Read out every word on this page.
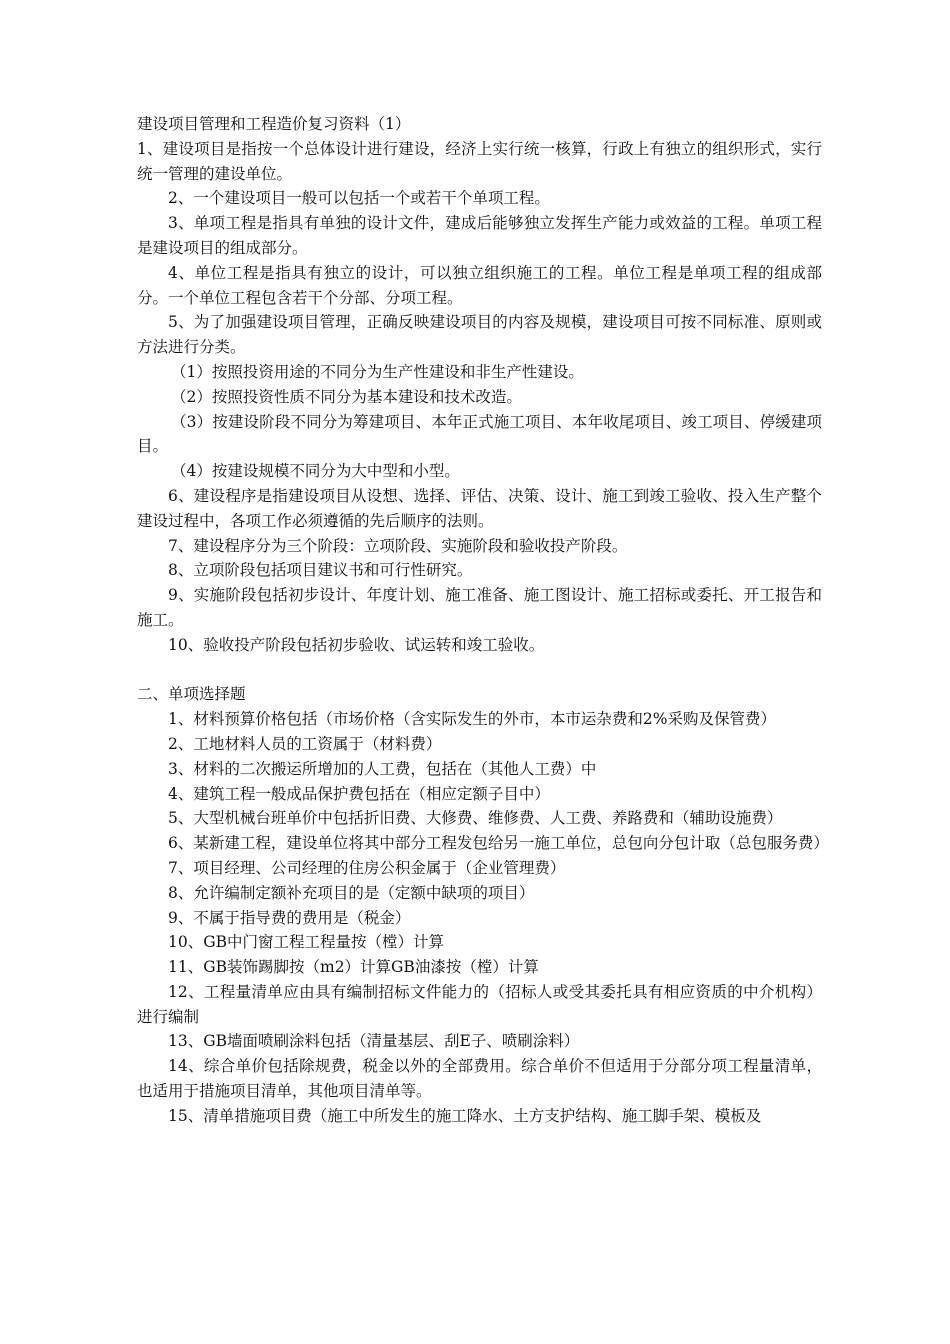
建设项目管理和工程造价复习资料（1）

1、建设项目是指按一个总体设计进行建设，经济上实行统一核算，行政上有独立的组织形式，实行统一管理的建设单位。

2、一个建设项目一般可以包括一个或若干个单项工程。

3、单项工程是指具有单独的设计文件，建成后能够独立发挥生产能力或效益的工程。单项工程是建设项目的组成部分。

4、单位工程是指具有独立的设计，可以独立组织施工的工程。单位工程是单项工程的组成部分。一个单位工程包含若干个分部、分项工程。

5、为了加强建设项目管理，正确反映建设项目的内容及规模，建设项目可按不同标准、原则或方法进行分类。

（1）按照投资用途的不同分为生产性建设和非生产性建设。

（2）按照投资性质不同分为基本建设和技术改造。

（3）按建设阶段不同分为筹建项目、本年正式施工项目、本年收尾项目、竣工项目、停缓建项目。

（4）按建设规模不同分为大中型和小型。

6、建设程序是指建设项目从设想、选择、评估、决策、设计、施工到竣工验收、投入生产整个建设过程中，各项工作必须遵循的先后顺序的法则。

7、建设程序分为三个阶段：立项阶段、实施阶段和验收投产阶段。

8、立项阶段包括项目建议书和可行性研究。

9、实施阶段包括初步设计、年度计划、施工准备、施工图设计、施工招标或委托、开工报告和施工。

10、验收投产阶段包括初步验收、试运转和竣工验收。

二、单项选择题

1、材料预算价格包括（市场价格（含实际发生的外市，本市运杂费和2%采购及保管费）

2、工地材料人员的工资属于（材料费）

3、材料的二次搬运所增加的人工费，包括在（其他人工费）中

4、建筑工程一般成品保护费包括在（相应定额子目中）

5、大型机械台班单价中包括折旧费、大修费、维修费、人工费、养路费和（辅助设施费）

6、某新建工程，建设单位将其中部分工程发包给另一施工单位，总包向分包计取（总包服务费）

7、项目经理、公司经理的住房公积金属于（企业管理费）

8、允许编制定额补充项目的是（定额中缺项的项目）

9、不属于指导费的费用是（税金）

10、GB中门窗工程工程量按（樘）计算

11、GB装饰踢脚按（m2）计算GB油漆按（樘）计算

12、工程量清单应由具有编制招标文件能力的（招标人或受其委托具有相应资质的中介机构）进行编制

13、GB墙面喷刷涂料包括（清量基层、刮E子、喷刷涂料）

14、综合单价包括除规费，税金以外的全部费用。综合单价不但适用于分部分项工程量清单，也适用于措施项目清单，其他项目清单等。

15、清单措施项目费（施工中所发生的施工降水、土方支护结构、施工脚手架、模板及
